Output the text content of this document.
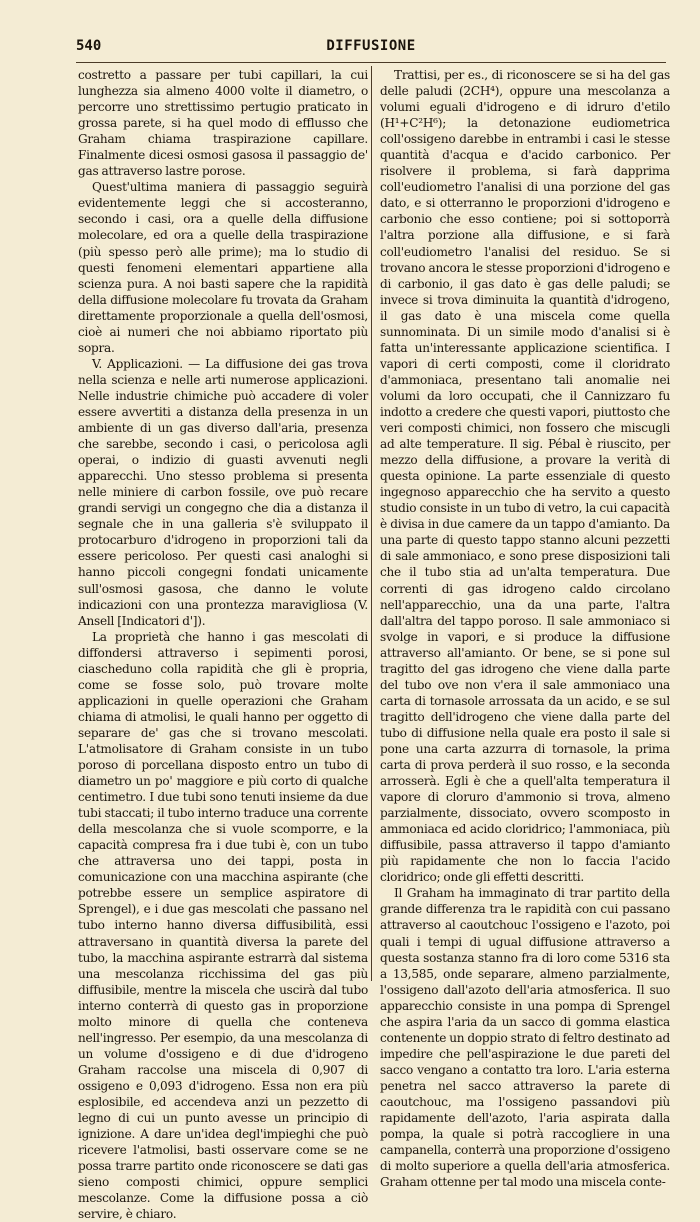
540	DIFFUSIONE

costretto a passare per tubi capillari, la cui lunghezza sia almeno 4000 volte il diametro, o percorre uno strettissimo pertugio praticato in grossa parete, si ha quel modo di efflusso che Graham chiama traspirazione capillare. Finalmente dicesi osmosi gasosa il passaggio de' gas attraverso lastre porose.

Quest'ultima maniera di passaggio seguirà evidentemente leggi che si accosteranno, secondo i casi, ora a quelle della diffusione molecolare, ed ora a quelle della traspirazione (più spesso però alle prime); ma lo studio di questi fenomeni elementari appartiene alla scienza pura. A noi basti sapere che la rapidità della diffusione molecolare fu trovata da Graham direttamente proporzionale a quella dell'osmosi, cioè ai numeri che noi abbiamo riportato più sopra.

V. Applicazioni. — La diffusione dei gas trova nella scienza e nelle arti numerose applicazioni. Nelle industrie chimiche può accadere di voler essere avvertiti a distanza della presenza in un ambiente di un gas diverso dall'aria, presenza che sarebbe, secondo i casi, o pericolosa agli operai, o indizio di guasti avvenuti negli apparecchi. Uno stesso problema si presenta nelle miniere di carbon fossile, ove può recare grandi servigi un congegno che dia a distanza il segnale che in una galleria s'è sviluppato il protocarburo d'idrogeno in proporzioni tali da essere pericoloso. Per questi casi analoghi si hanno piccoli congegni fondati unicamente sull'osmosi gasosa, che danno le volute indicazioni con una prontezza maravigliosa (V. Ansell [Indicatori d']).

La proprietà che hanno i gas mescolati di diffondersi attraverso i sepimenti porosi, ciascheduno colla rapidità che gli è propria, come se fosse solo, può trovare molte applicazioni in quelle operazioni che Graham chiama di atmolisi, le quali hanno per oggetto di separare de' gas che si trovano mescolati. L'atmolisatore di Graham consiste in un tubo poroso di porcellana disposto entro un tubo di diametro un po' maggiore e più corto di qualche centimetro. I due tubi sono tenuti insieme da due tubi staccati; il tubo interno traduce una corrente della mescolanza che si vuole scomporre, e la capacità compresa fra i due tubi è, con un tubo che attraversa uno dei tappi, posta in comunicazione con una macchina aspirante (che potrebbe essere un semplice aspiratore di Sprengel), e i due gas mescolati che passano nel tubo interno hanno diversa diffusibilità, essi attraversano in quantità diversa la parete del tubo, la macchina aspirante estrarrà dal sistema una mescolanza ricchissima del gas più diffusibile, mentre la miscela che uscirà dal tubo interno conterrà di questo gas in proporzione molto minore di quella che conteneva nell'ingresso. Per esempio, da una mescolanza di un volume d'ossigeno e di due d'idrogeno Graham raccolse una miscela di 0,907 di ossigeno e 0,093 d'idrogeno. Essa non era più esplosibile, ed accendeva anzi un pezzetto di legno di cui un punto avesse un principio di ignizione. A dare un'idea degl'impieghi che può ricevere l'atmolisi, basti osservare come se ne possa trarre partito onde riconoscere se dati gas sieno composti chimici, oppure semplici mescolanze. Come la diffusione possa a ciò servire, è chiaro.

Trattisi, per es., di riconoscere se si ha del gas delle paludi (2CH⁴), oppure una mescolanza a volumi eguali d'idrogeno e di idruro d'etilo (H¹+C²H⁶); la detonazione eudiometrica coll'ossigeno darebbe in entrambi i casi le stesse quantità d'acqua e d'acido carbonico. Per risolvere il problema, si farà dapprima coll'eudiometro l'analisi di una porzione del gas dato, e si otterranno le proporzioni d'idrogeno e carbonio che esso contiene; poi si sottoporrà l'altra porzione alla diffusione, e si farà coll'eudiometro l'analisi del residuo. Se si trovano ancora le stesse proporzioni d'idrogeno e di carbonio, il gas dato è gas delle paludi; se invece si trova diminuita la quantità d'idrogeno, il gas dato è una miscela come quella sunnominata. Di un simile modo d'analisi si è fatta un'interessante applicazione scientifica. I vapori di certi composti, come il cloridrato d'ammoniaca, presentano tali anomalie nei volumi da loro occupati, che il Cannizzaro fu indotto a credere che questi vapori, piuttosto che veri composti chimici, non fossero che miscugli ad alte temperature. Il sig. Pébal è riuscito, per mezzo della diffusione, a provare la verità di questa opinione. La parte essenziale di questo ingegnoso apparecchio che ha servito a questo studio consiste in un tubo di vetro, la cui capacità è divisa in due camere da un tappo d'amianto. Da una parte di questo tappo stanno alcuni pezzetti di sale ammoniaco, e sono prese disposizioni tali che il tubo stia ad un'alta temperatura. Due correnti di gas idrogeno caldo circolano nell'apparecchio, una da una parte, l'altra dall'altra del tappo poroso. Il sale ammoniaco si svolge in vapori, e si produce la diffusione attraverso all'amianto. Or bene, se si pone sul tragitto del gas idrogeno che viene dalla parte del tubo ove non v'era il sale ammoniaco una carta di tornasole arrossata da un acido, e se sul tragitto dell'idrogeno che viene dalla parte del tubo di diffusione nella quale era posto il sale si pone una carta azzurra di tornasole, la prima carta di prova perderà il suo rosso, e la seconda arrosserà. Egli è che a quell'alta temperatura il vapore di cloruro d'ammonio si trova, almeno parzialmente, dissociato, ovvero scomposto in ammoniaca ed acido cloridrico; l'ammoniaca, più diffusibile, passa attraverso il tappo d'amianto più rapidamente che non lo faccia l'acido cloridrico; onde gli effetti descritti.

Il Graham ha immaginato di trar partito della grande differenza tra le rapidità con cui passano attraverso al caoutchouc l'ossigeno e l'azoto, poi quali i tempi di ugual diffusione attraverso a questa sostanza stanno fra di loro come 5316 sta a 13,585, onde separare, almeno parzialmente, l'ossigeno dall'azoto dell'aria atmosferica. Il suo apparecchio consiste in una pompa di Sprengel che aspira l'aria da un sacco di gomma elastica contenente un doppio strato di feltro destinato ad impedire che pell'aspirazione le due pareti del sacco vengano a contatto tra loro. L'aria esterna penetra nel sacco attraverso la parete di caoutchouc, ma l'ossigeno passandovi più rapidamente dell'azoto, l'aria aspirata dalla pompa, la quale si potrà raccogliere in una campanella, conterrà una proporzione d'ossigeno di molto superiore a quella dell'aria atmosferica. Graham ottenne per tal modo una miscela conte-
